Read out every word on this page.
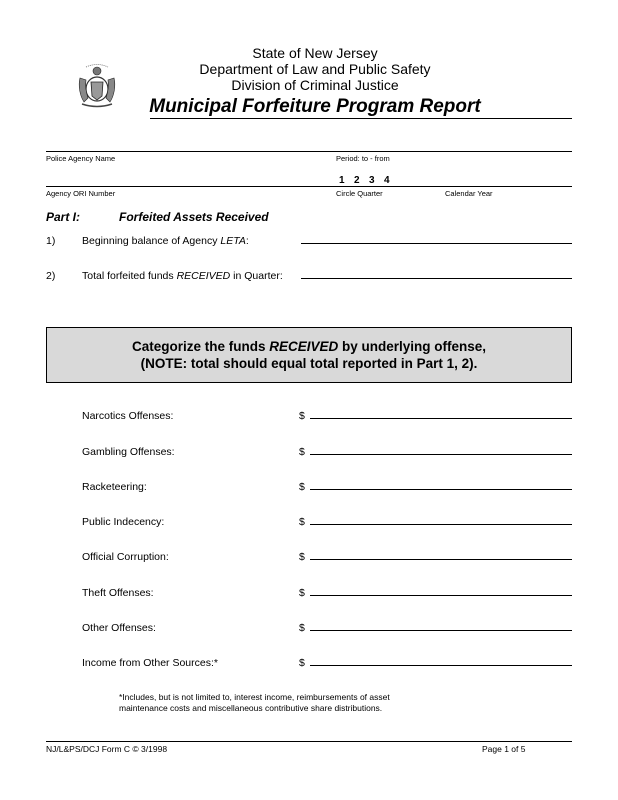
State of New Jersey
Department of Law and Public Safety
Division of Criminal Justice
Municipal Forfeiture Program Report
Police Agency Name	Period: to - from
1 2 3 4
Agency ORI Number	Circle Quarter	Calendar Year
Part I:	Forfeited Assets Received
1)	Beginning balance of Agency LETA:
2)	Total forfeited funds RECEIVED in Quarter:
Categorize the funds RECEIVED by underlying offense,
(NOTE: total should equal total reported in Part 1, 2).
Narcotics Offenses:	$
Gambling Offenses:	$
Racketeering:	$
Public Indecency:	$
Official Corruption:	$
Theft Offenses:	$
Other Offenses:	$
Income from Other Sources:*	$
*Includes, but is not limited to, interest income, reimbursements of asset
maintenance costs and miscellaneous contributive share distributions.
NJ/L&PS/DCJ Form C © 3/1998	Page 1 of 5
